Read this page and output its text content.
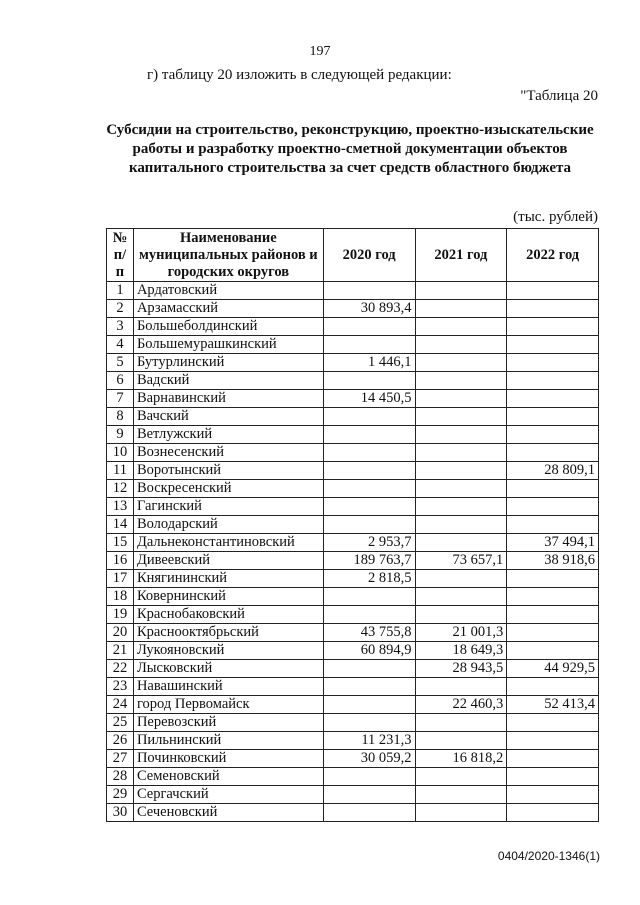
197
г) таблицу 20 изложить в следующей редакции:
"Таблица 20
Субсидии на строительство, реконструкцию, проектно-изыскательские работы и разработку проектно-сметной документации объектов капитального строительства за счет средств областного бюджета
(тыс. рублей)
№ п/п	Наименование муниципальных районов и городских округов	2020 год	2021 год	2022 год
1	Ардатовский			
2	Арзамасский	30 893,4		
3	Большеболдинский			
4	Большемурашкинский			
5	Бутурлинский	1 446,1		
6	Вадский			
7	Варнавинский	14 450,5		
8	Вачский			
9	Ветлужский			
10	Вознесенский			
11	Воротынский			28 809,1
12	Воскресенский			
13	Гагинский			
14	Володарский			
15	Дальнеконстантиновский	2 953,7		37 494,1
16	Дивеевский	189 763,7	73 657,1	38 918,6
17	Княгининский	2 818,5		
18	Ковернинский			
19	Краснобаковский			
20	Краснооктябрьский	43 755,8	21 001,3	
21	Лукояновский	60 894,9	18 649,3	
22	Лысковский		28 943,5	44 929,5
23	Навашинский			
24	город Первомайск		22 460,3	52 413,4
25	Перевозский			
26	Пильнинский	11 231,3		
27	Починковский	30 059,2	16 818,2	
28	Семеновский			
29	Сергачский			
30	Сеченовский			
0404/2020-1346(1)
